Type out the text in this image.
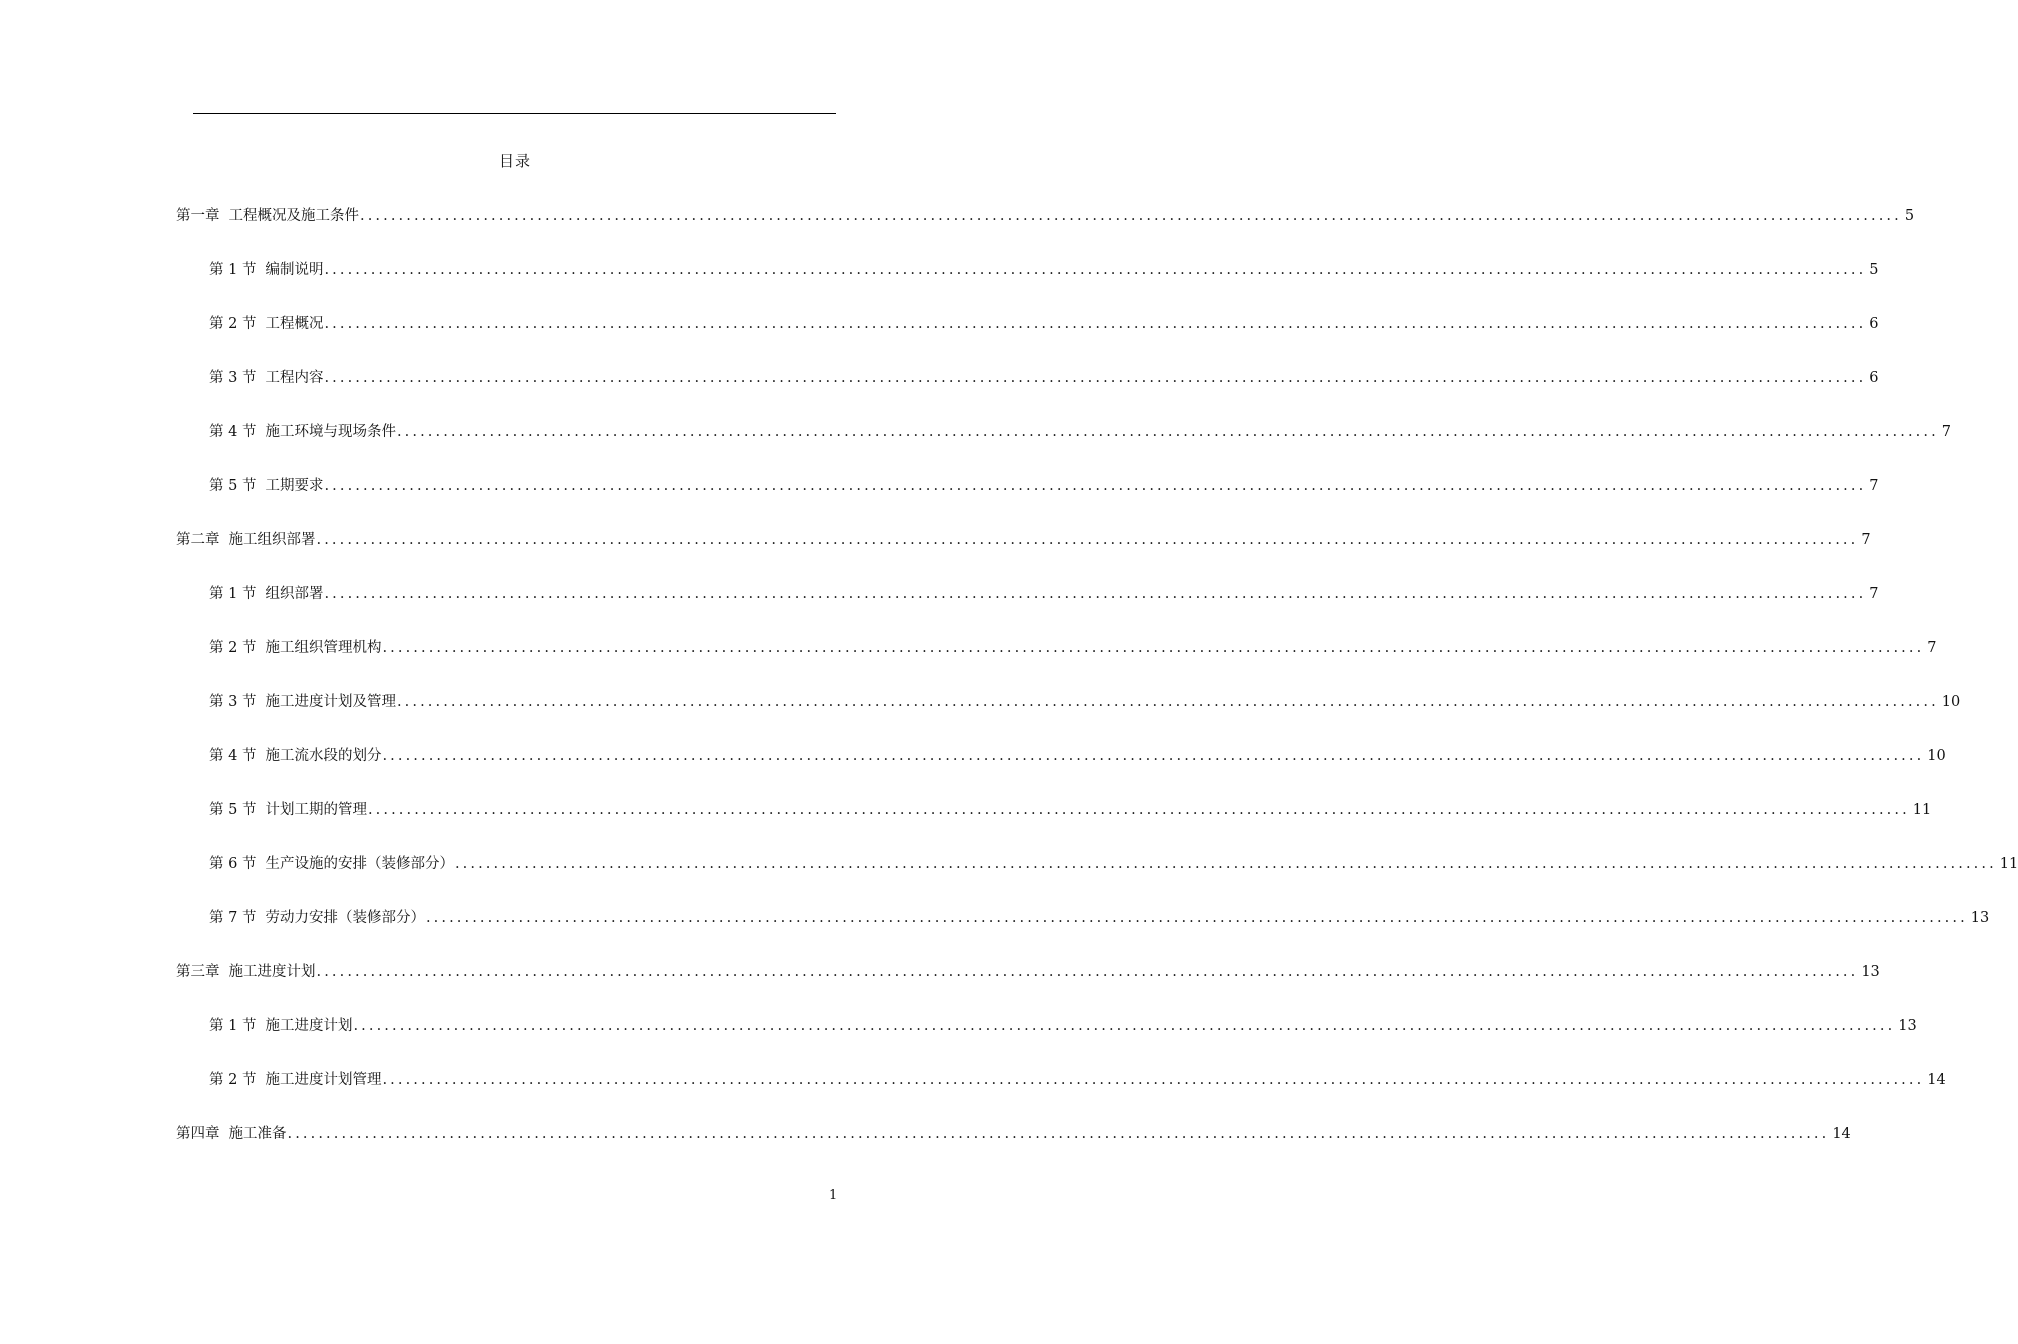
目录
第一章 工程概况及施工条件 ........................................................................................................................................................................................................ 5
第 1 节 编制说明 ........................................................................................................................................................................................................ 5
第 2 节 工程概况 ........................................................................................................................................................................................................ 6
第 3 节 工程内容 ........................................................................................................................................................................................................ 6
第 4 节 施工环境与现场条件 ........................................................................................................................................................................................................ 7
第 5 节 工期要求 ........................................................................................................................................................................................................ 7
第二章 施工组织部署 ........................................................................................................................................................................................................ 7
第 1 节 组织部署 ........................................................................................................................................................................................................ 7
第 2 节 施工组织管理机构 ........................................................................................................................................................................................................ 7
第 3 节 施工进度计划及管理 ........................................................................................................................................................................................................ 10
第 4 节 施工流水段的划分 ........................................................................................................................................................................................................ 10
第 5 节 计划工期的管理 ........................................................................................................................................................................................................ 11
第 6 节 生产设施的安排（装修部分） ........................................................................................................................................................................................................ 11
第 7 节 劳动力安排（装修部分） ........................................................................................................................................................................................................ 13
第三章 施工进度计划 ........................................................................................................................................................................................................ 13
第 1 节 施工进度计划 ........................................................................................................................................................................................................ 13
第 2 节 施工进度计划管理 ........................................................................................................................................................................................................ 14
第四章 施工准备 ........................................................................................................................................................................................................ 14
1
